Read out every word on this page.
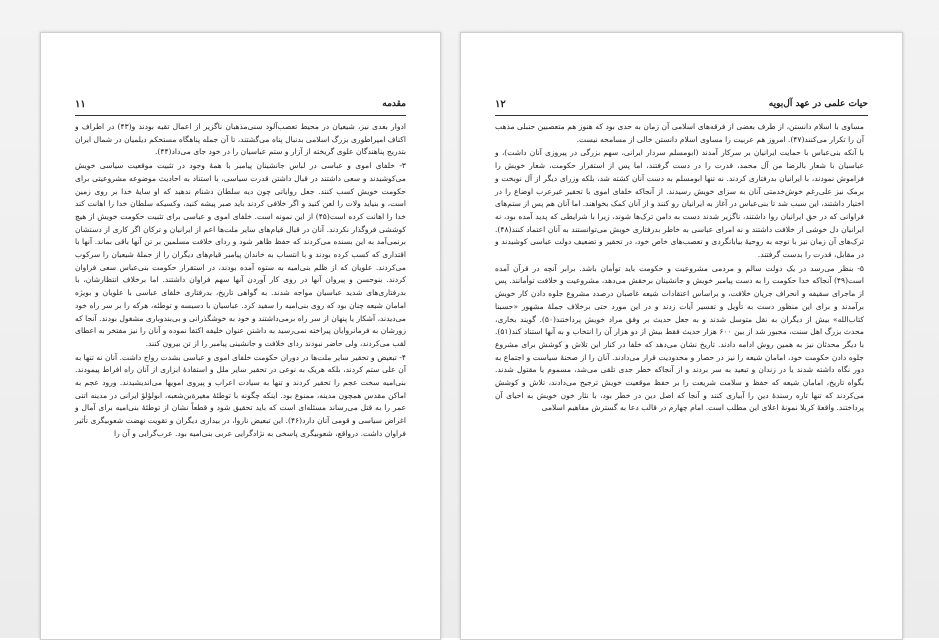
مقدمه
۱۱

ادوار بعدی نیز، شیعیان در محیط تعصب‌آلود سنی‌مذهبان ناگزیر از اعمال تقیه بودند و(۴۳) در اطراف و اکناف امپراطوری بزرگ اسلامی بدنبال پناه می‌گشتند، تا آن جمله پناهگاه مستحکم دیلمیان در شمال ایران بتدریج پناهندگان علوی گریخته از آزار و ستم عباسیان را در خود جای می‌داد(۴۴).

۳- خلفای اموی و عباسی در لباس جانشینان پیامبر با همهٔ وجود در تثبیت موقعیت سیاسی خویش می‌کوشیدند و سعی داشتند در قبال داشتن قدرت سیاسی، با استناد به احادیث موضوعه مشروعیتی برای حکومت خویش کسب کنند. جعل روایاتی چون دیه سلطان دشنام ندهید که او سایهٔ خدا بر روی زمین است، و بنیاید ولات را لعن کنید و اگر خلافی کردند باید صبر پیشه کنید، وکسیکه سلطان خدا را اهانت کند خدا را اهانت کرده است(۴۵) از این نمونه است. خلفای اموی و عباسی برای تثبیت حکومت خویش از هیچ کوششی فروگذار نکردند. آنان در قبال قیام‌های سایر ملت‌ها اعم از ایرانیان و ترکان اگر کاری از دستشان برنمی‌آمد به این بسنده می‌کردند که حفظ ظاهر شود و ردای خلافت مسلمین بر تن آنها باقی بماند. آنها با اقتداری که کسب کرده بودند و با انتساب به خاندان پیامبر قیام‌های دیگران را از جملهٔ شیعیان را سرکوب می‌کردند. علویان که از ظلم بنی‌امیه به ستوه آمده بودند، در استقرار حکومت بنی‌عباس سعی فراوان کردند. بنوحسن و پیروان آنها در روی کار آوردن آنها سهم فراوان داشتند. اما برخلاف انتظارشان، با بدرفتاری‌های شدید عباسیان مواجه شدند. به گواهی تاریخ، بدرفتاری خلفای عباسی با علویان و بویژه امامان شیعه چنان بود که روی بنی‌امیه را سفید کرد. عباسیان با دسیسه و توطئه، هرکه را بر سر راه خود می‌دیدند، آشکار یا پنهان از سر راه برمی‌داشتند و خود به خوشگذرانی و بی‌بندوباری مشغول بودند. آنجا که زورشان به فرمانروایان پیراخته نمی‌رسید به داشتن عنوان خلیفه اکتفا نموده و آنان را نیز مفتخر به اعطای لقب می‌کردند، ولی حاضر نبودند ردای خلافت و جانشینی پیامبر را از تن بیرون کنند.

۴- تبعیض و تحقیر سایر ملت‌ها در دوران حکومت خلفای اموی و عباسی بشدت رواج داشت. آنان نه تنها به آن علی ستم کردند، بلکه هریک به نوعی در تحقیر سایر ملل و استفادهٔ ابزاری از آنان راه افراط پیمودند. بنی‌امیه سخت عجم را تحقیر کردند و تنها به سیادت اعراب و پیروی امویها می‌اندیشیدند. ورود عجم به اماکن مقدس همچون مدینه، ممنوع بود. اینکه چگونه با توطئهٔ مغیرةبن‌شعبه، ابولؤلؤ ایرانی در مدینه اتنی عمر را به قتل می‌رساند مسئله‌ای است که باید تحقیق شود و قطعاً نشان از توطئهٔ بنی‌امیه برای آمال و اغراض سیاسی و قومی آنان دارد(۴۶). این تبعیض ناروا، در بیداری دیگران و تقویت نهضت شعوبیگری تأثیر فراوان داشت. درواقع، شعوبیگری پاسخی به نژادگرایی عربی بنی‌امیه بود. عرب‌گرایی و آن را

حیات علمی در عهد آل‌بویه
۱۲

مساوی با اسلام دانستن، از طرف بعضی از فرقه‌های اسلامی آن زمان به حدی بود که هنوز هم متعصبین حنبلی مذهب آن را تکرار می‌کنند(۴۷). امروز هم عربیت را مساوی اسلام دانستن خالی از مسامحه نیست.

با آنکه بنی‌عباس با حمایت ایرانیان بر سرکار آمدند (ابومسلم سردار ایرانی، سهم بزرگی در پیروزی آنان داشت)، و عباسیان با شعار بالرضا من آل محمد، قدرت را در دست گرفتند، اما پس از استقرار حکومت، شعار خویش را فراموش نمودند، با ایرانیان بدرفتاری کردند. نه تنها ابومسلم به دست آنان کشته شد، بلکه وزرای دیگر از آل نوبخت و برمک نیز علی‌رغم خوش‌خدمتی آنان به سزای خویش رسیدند. از آنجاکه خلفای اموی با تحقیر غیرعرب اوضاع را در اختیار داشتند، این سبب شد تا بنی‌عباس در آغاز به ایرانیان رو کنند و از آنان کمک بخواهند. اما آنان هم پس از ستم‌های فراوانی که در حق ایرانیان روا داشتند، ناگزیر شدند دست به دامن ترک‌ها شوند، زیرا با شرایطی که پدید آمده بود، نه ایرانیان دل خوشی از خلافت داشتند و نه امرای عباسی به خاطر بدرفتاری خویش می‌توانستند به آنان اعتماد کنند(۴۸). ترک‌های آن زمان نیز با توجه به روحیهٔ بیابانگردی و تعصب‌های خاص خود، در تحقیر و تضعیف دولت عباسی کوشیدند و در مقابل، قدرت را بدست گرفتند.

۵- بنظر می‌رسد در یک دولت سالم و مردمی مشروعیت و حکومت باید توأمان باشد. برابر آنچه در قرآن آمده است(۴۹) آنجاکه خدا حکومت را به دست پیامبر خویش و جانشینان برحقش می‌دهد، مشروعیت و خلافت توأمانند. پس از ماجرای سقیفه و انحراف جریان خلافت، و براساس اعتقادات شیعه غاصبان درصدد مشروع جلوه دادن کار خویش برآمدند و برای این منظور دست به تأویل و تفسیر آیات زدند و در این مورد حتی برخلاف جملهٔ مشهور «حسبنا کتاب‌الله» بیش از دیگران به نقل متوسل شدند و به جعل حدیث بر وفق مراد خویش پرداختند(۵۰). گویند بخاری، محدث بزرگ اهل سنت، مجبور شد از بین ۶۰۰ هزار حدیث فقط بیش از دو هزار آن را انتخاب و به آنها استناد کند(۵۱). با دیگر محدثان نیز به همین روش ادامه دادند. تاریخ نشان می‌دهد که خلفا در کنار این تلاش و کوشش برای مشروع جلوه دادن حکومت خود، امامان شیعه را نیز در حصار و محدودیت قرار می‌دادند. آنان را از صحنهٔ سیاست و اجتماع به دور نگاه داشته شدند یا در زندان و تبعید به سر بردند و از آنجاکه خطر جدی تلقی می‌شد، مسموم یا مقتول شدند. بگواه تاریخ، امامان شیعه که حفظ و سلامت شریعت را بر حفظ موقعیت خویش ترجیح می‌دادند، تلاش و کوشش می‌کردند که تنها تاره رسندهٔ دین را آبیاری کنند و آنجا که اصل دین در خطر بود، با نثار خون خویش به احیای آن پرداختند. واقعهٔ کربلا نمونهٔ اعلای این مطلب است. امام چهارم در قالب دعا به گسترش مفاهیم اسلامی
